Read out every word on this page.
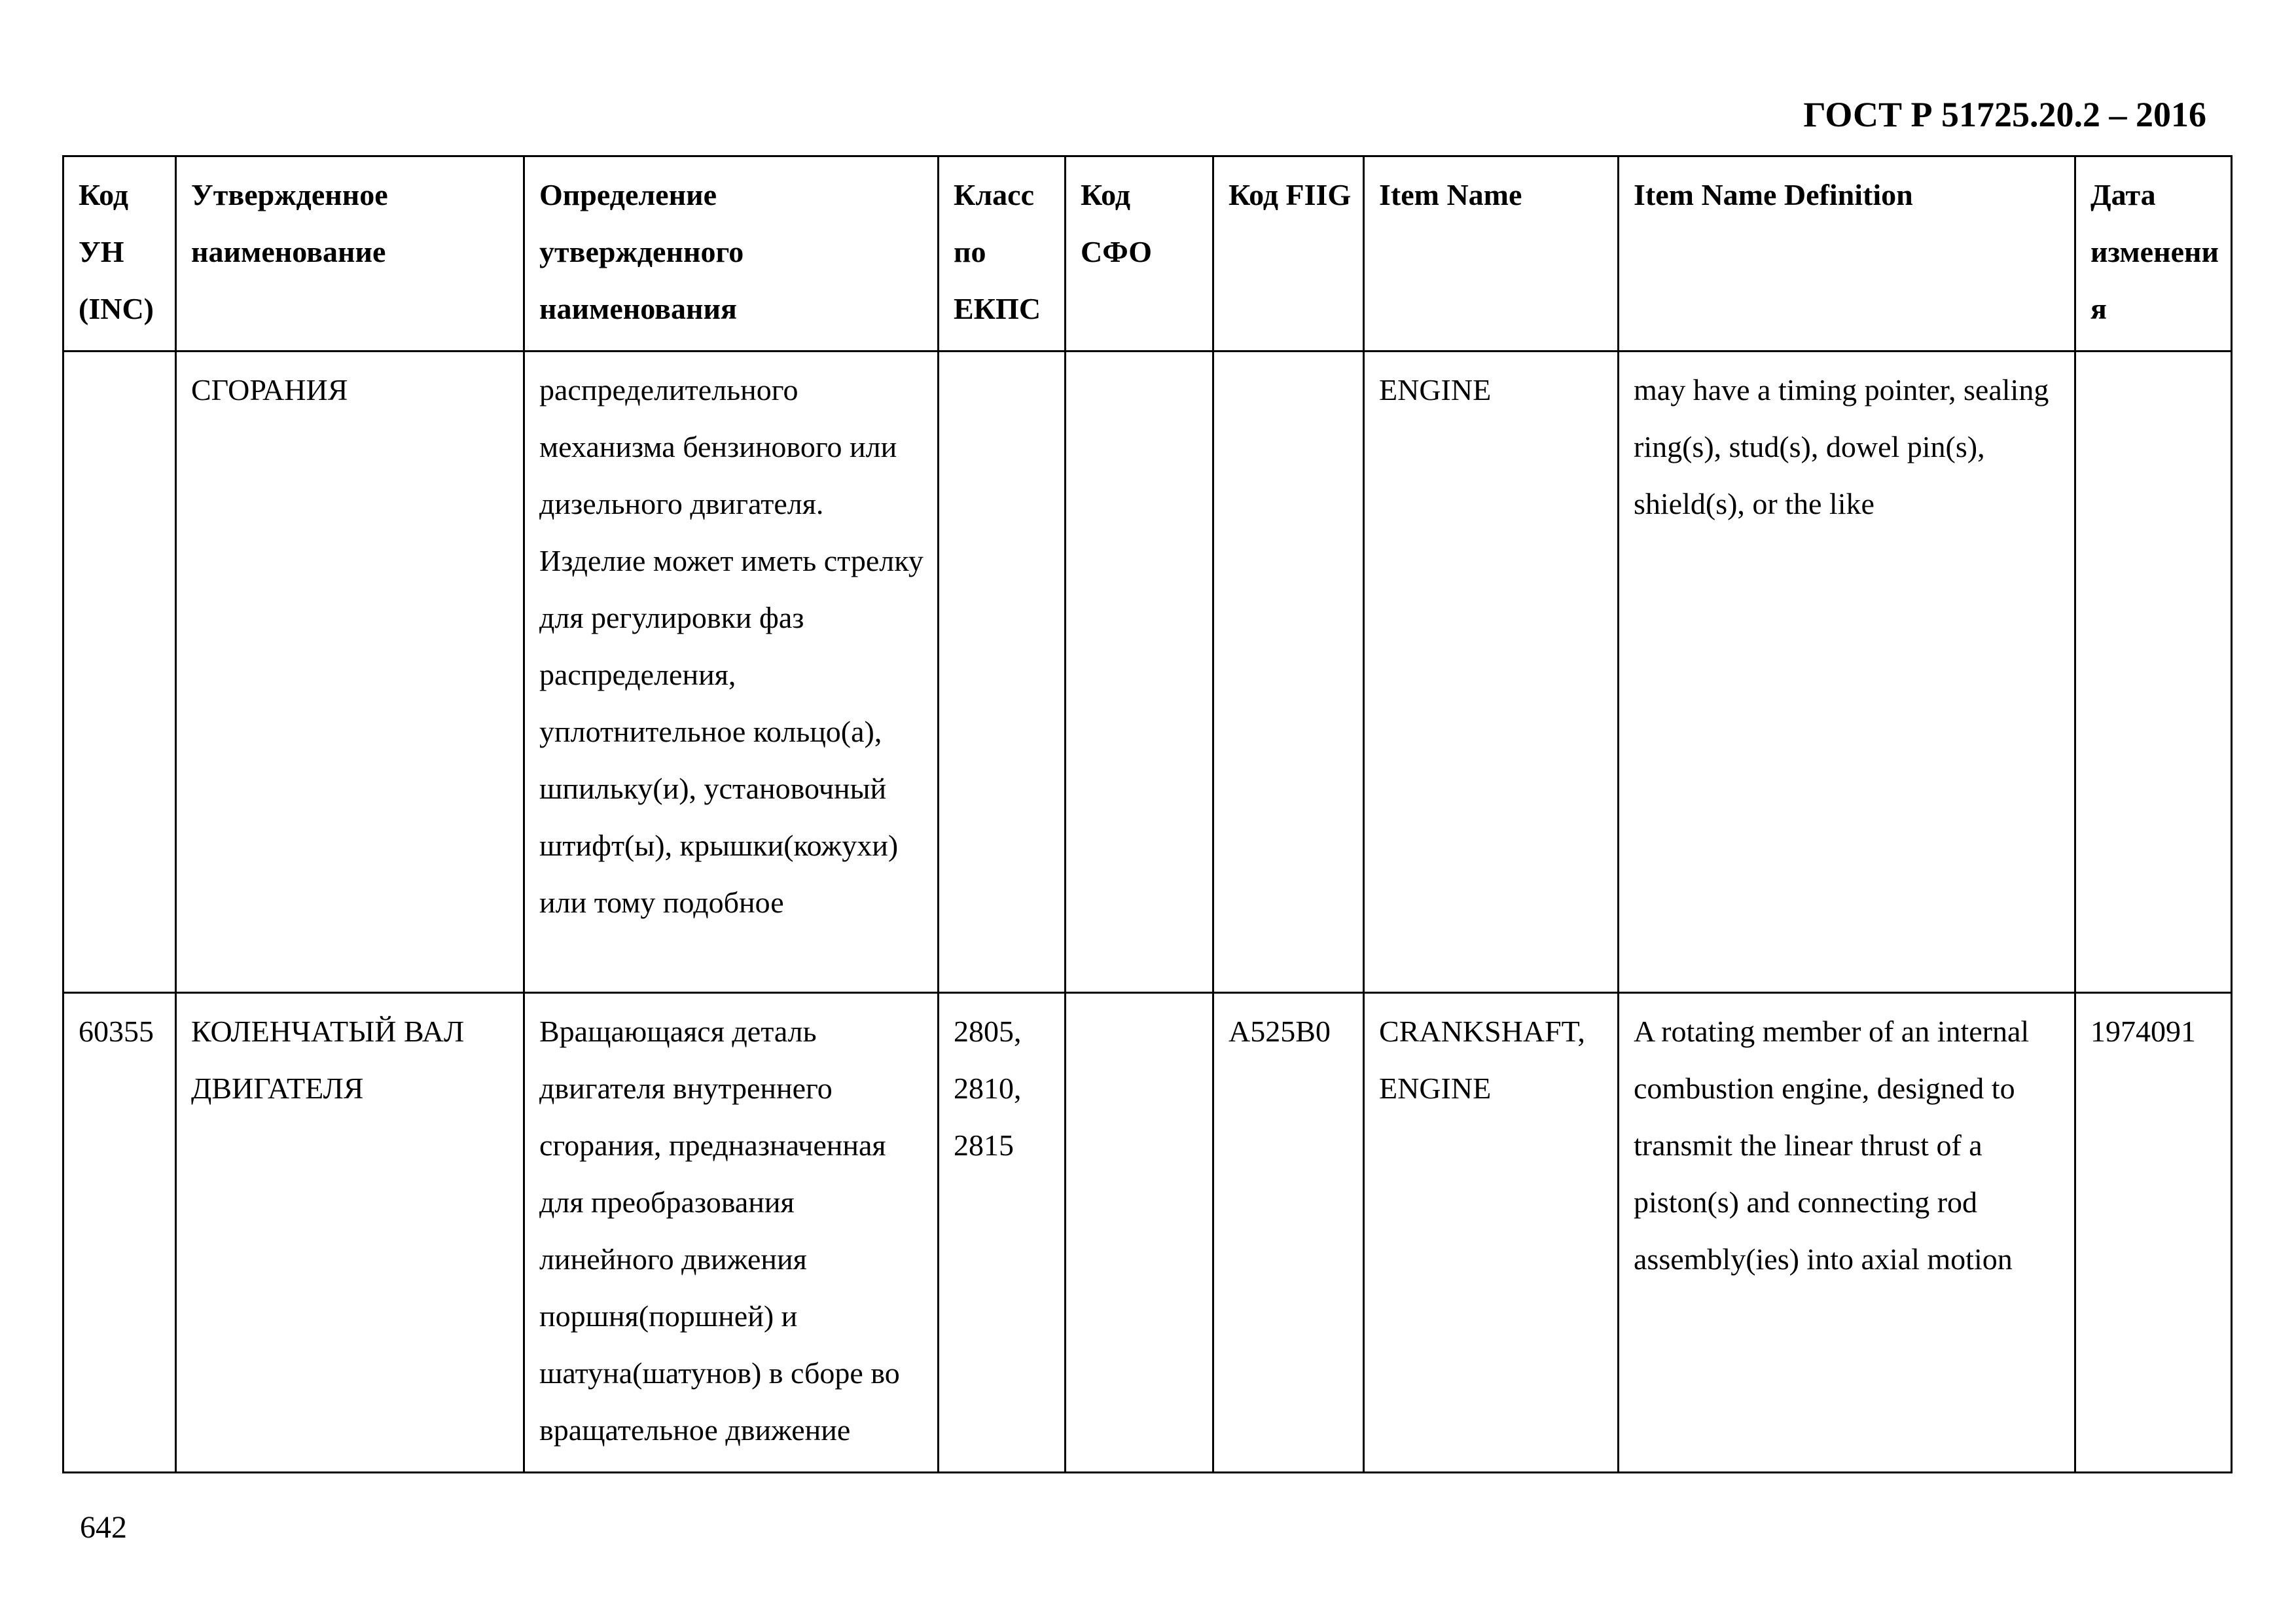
ГОСТ Р 51725.20.2 – 2016
Код УН (INC)	Утвержденное наименование	Определение утвержденного наименования	Класс по ЕКПС	Код СФО	Код FIIG	Item Name	Item Name Definition	Дата изменения
	СГОРАНИЯ	распределительного механизма бензинового или дизельного двигателя. Изделие может иметь стрелку для регулировки фаз распределения, уплотнительное кольцо(а), шпильку(и), установочный штифт(ы), крышки(кожухи) или тому подобное				ENGINE	may have a timing pointer, sealing ring(s), stud(s), dowel pin(s), shield(s), or the like	
60355	КОЛЕНЧАТЫЙ ВАЛ ДВИГАТЕЛЯ	Вращающаяся деталь двигателя внутреннего сгорания, предназначенная для преобразования линейного движения поршня(поршней) и шатуна(шатунов) в сборе во вращательное движение	2805, 2810, 2815		A525B0	CRANKSHAFT, ENGINE	A rotating member of an internal combustion engine, designed to transmit the linear thrust of a piston(s) and connecting rod assembly(ies) into axial motion	1974091
642
